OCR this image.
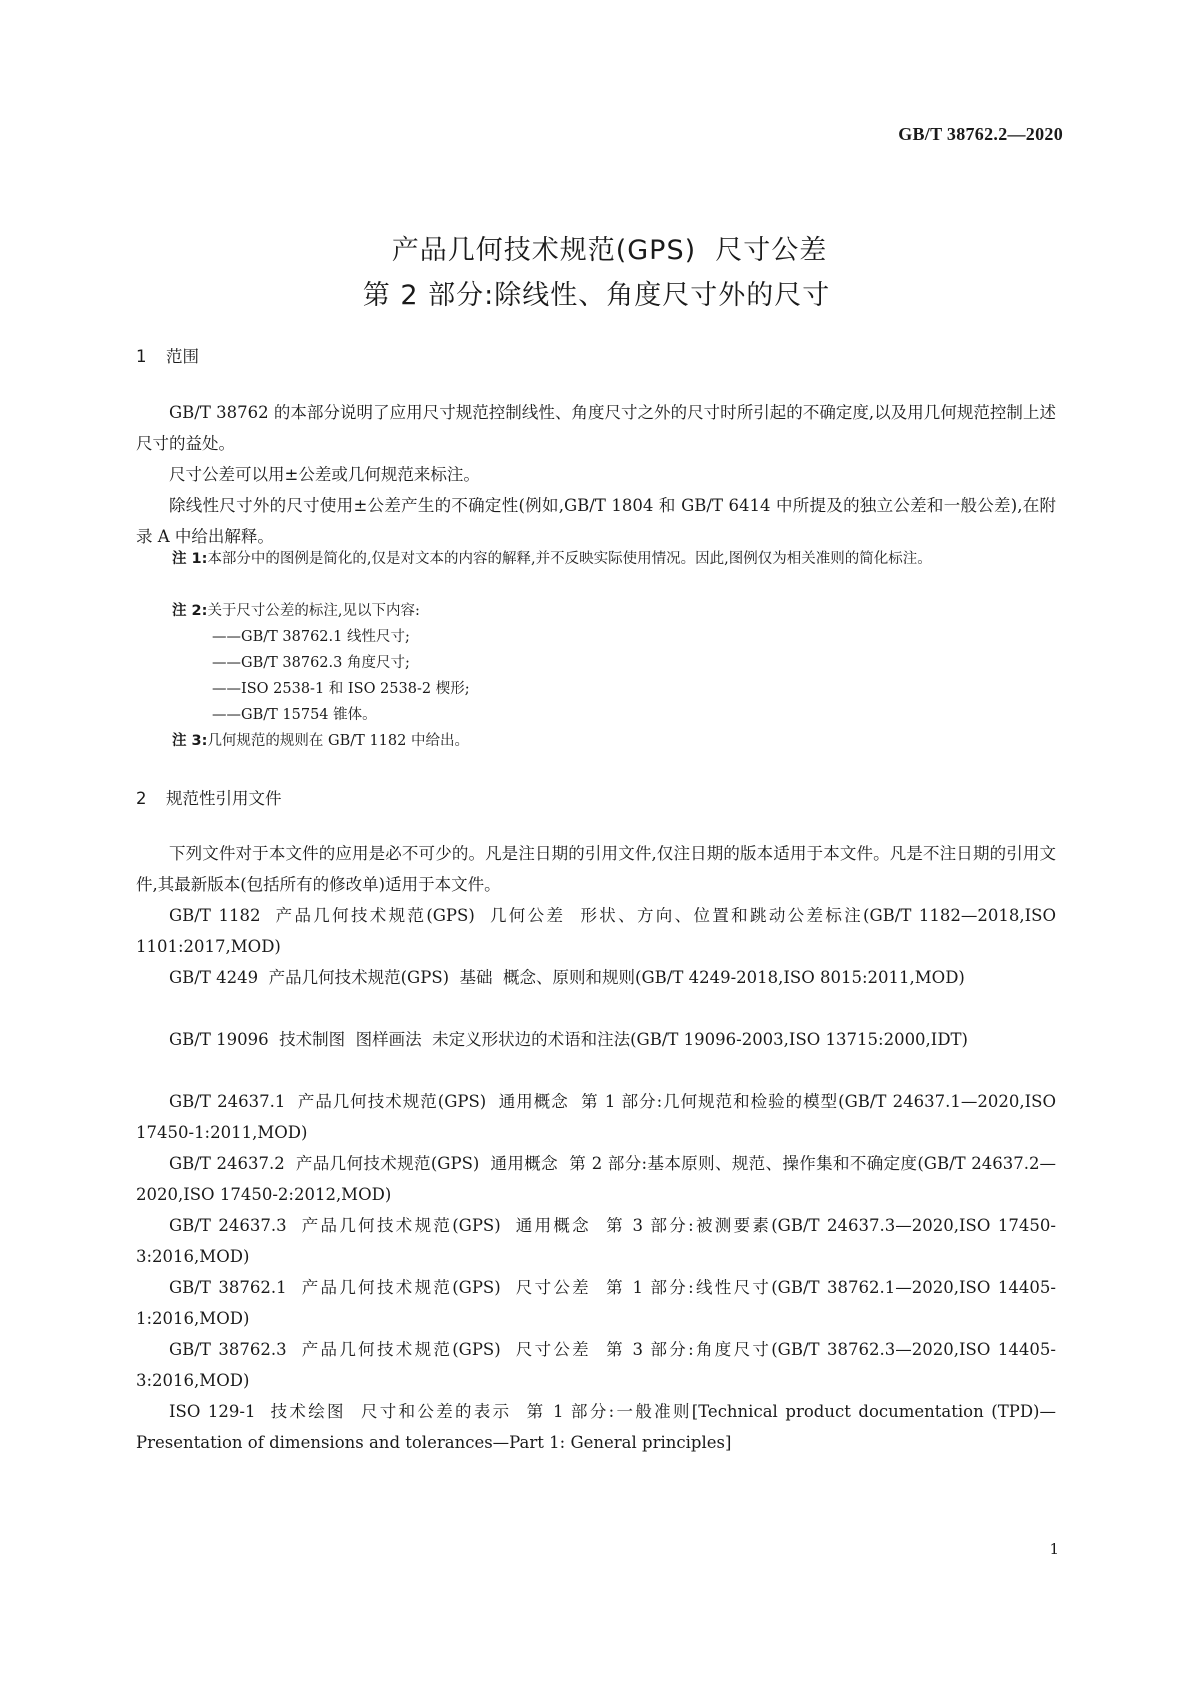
GB/T 38762.2—2020
产品几何技术规范(GPS)  尺寸公差
第 2 部分:除线性、角度尺寸外的尺寸
1 范围
GB/T 38762 的本部分说明了应用尺寸规范控制线性、角度尺寸之外的尺寸时所引起的不确定度,以及用几何规范控制上述尺寸的益处。
尺寸公差可以用±公差或几何规范来标注。
除线性尺寸外的尺寸使用±公差产生的不确定性(例如,GB/T 1804 和 GB/T 6414 中所提及的独立公差和一般公差),在附录 A 中给出解释。
注 1:本部分中的图例是简化的,仅是对文本的内容的解释,并不反映实际使用情况。因此,图例仅为相关准则的简化标注。
注 2:关于尺寸公差的标注,见以下内容:
——GB/T 38762.1 线性尺寸;
——GB/T 38762.3 角度尺寸;
——ISO 2538-1 和 ISO 2538-2 楔形;
——GB/T 15754 锥体。
注 3:几何规范的规则在 GB/T 1182 中给出。
2 规范性引用文件
下列文件对于本文件的应用是必不可少的。凡是注日期的引用文件,仅注日期的版本适用于本文件。凡是不注日期的引用文件,其最新版本(包括所有的修改单)适用于本文件。
GB/T 1182  产品几何技术规范(GPS)  几何公差  形状、方向、位置和跳动公差标注(GB/T 1182—2018,ISO 1101:2017,MOD)
GB/T 4249  产品几何技术规范(GPS)  基础  概念、原则和规则(GB/T 4249-2018,ISO 8015:2011,MOD)
GB/T 19096  技术制图  图样画法  未定义形状边的术语和注法(GB/T 19096-2003,ISO 13715:2000,IDT)
GB/T 24637.1  产品几何技术规范(GPS)  通用概念  第 1 部分:几何规范和检验的模型(GB/T 24637.1—2020,ISO 17450-1:2011,MOD)
GB/T 24637.2  产品几何技术规范(GPS)  通用概念  第 2 部分:基本原则、规范、操作集和不确定度(GB/T 24637.2—2020,ISO 17450-2:2012,MOD)
GB/T 24637.3  产品几何技术规范(GPS)  通用概念  第 3 部分:被测要素(GB/T 24637.3—2020,ISO 17450-3:2016,MOD)
GB/T 38762.1  产品几何技术规范(GPS)  尺寸公差  第 1 部分:线性尺寸(GB/T 38762.1—2020,ISO 14405-1:2016,MOD)
GB/T 38762.3  产品几何技术规范(GPS)  尺寸公差  第 3 部分:角度尺寸(GB/T 38762.3—2020,ISO 14405-3:2016,MOD)
ISO 129-1  技术绘图  尺寸和公差的表示  第 1 部分:一般准则[Technical product documentation (TPD)—Presentation of dimensions and tolerances—Part 1: General principles]
1
